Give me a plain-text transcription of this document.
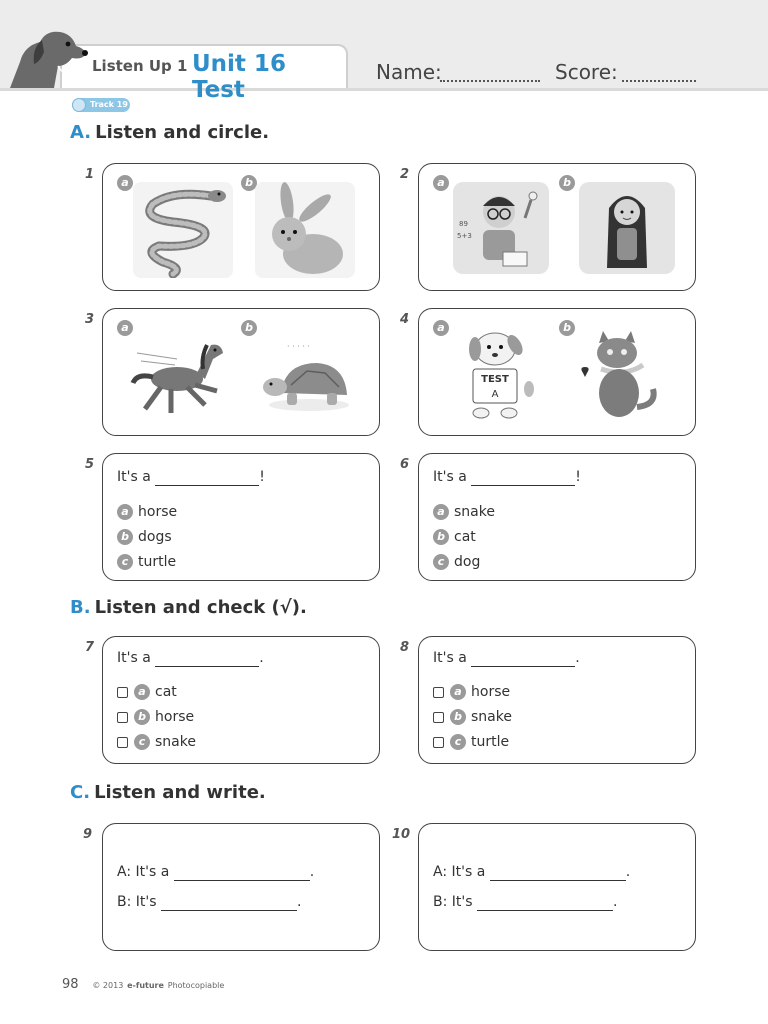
Listen Up 1 Unit 16 Test
Name:	Score:
Track 19
A. Listen and circle.
1
a	b
2
a
89
5+3
b
3
a	b
· · · · ·
4
a
TEST
A
b
5
It's a	!
a horse
b dogs
c turtle
6
It's a	!
a snake
b cat
c dog
B. Listen and check (√).
7
It's a	.
a cat
b horse
c snake
8
It's a	.
a horse
b snake
c turtle
C. Listen and write.
9
A: It's a	.
B: It's	.
10
A: It's a	.
B: It's	.
98 © 2013 e-future Photocopiable
